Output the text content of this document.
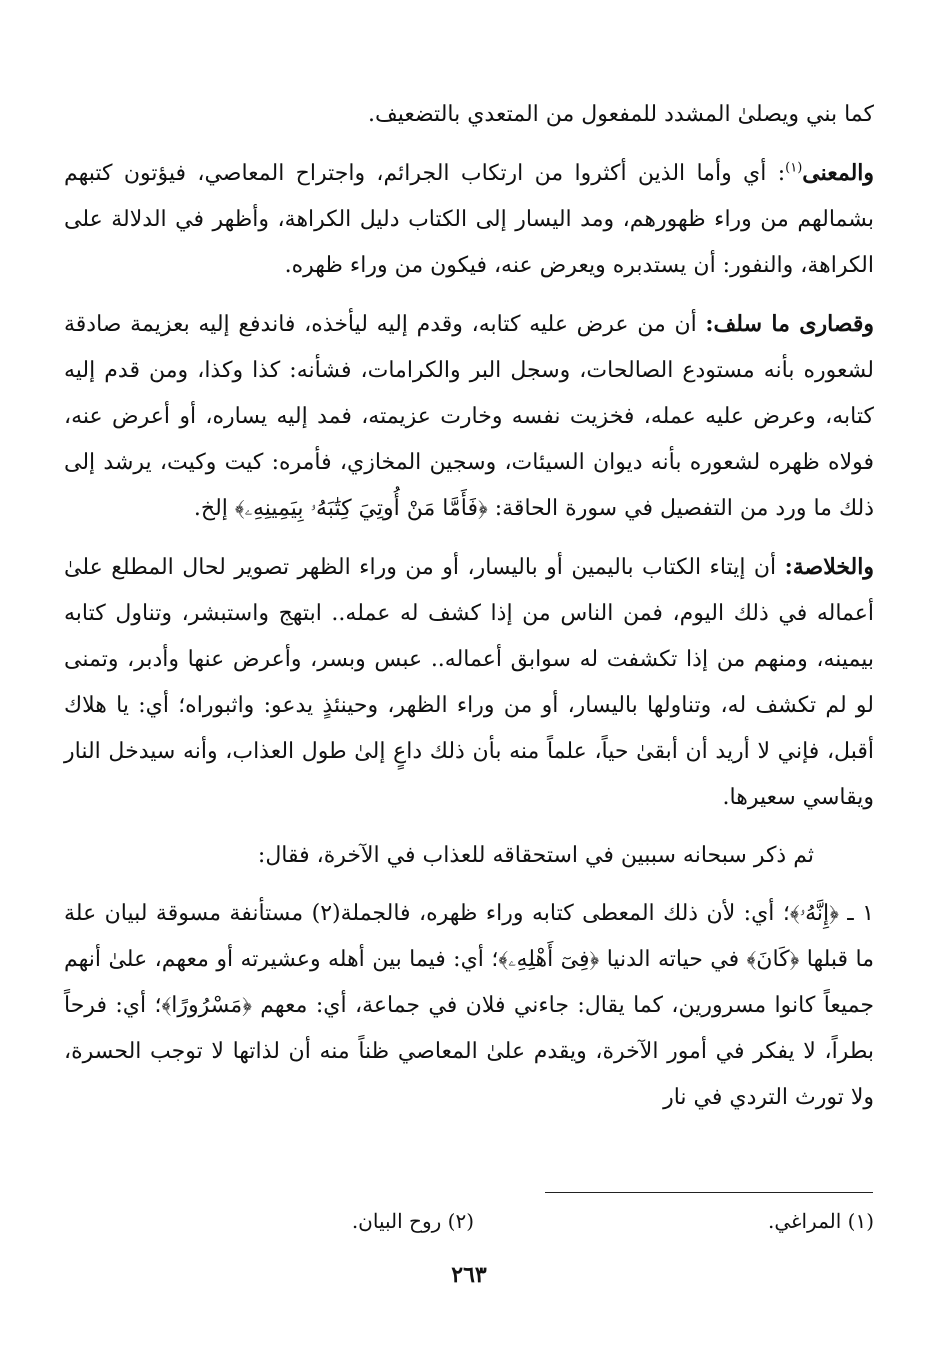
كما بني ويصلىٰ المشدد للمفعول من المتعدي بالتضعيف.

والمعنى$^{(١)}$: أي وأما الذين أكثروا من ارتكاب الجرائم، واجتراح المعاصي، فيؤتون كتبهم بشمالهم من وراء ظهورهم، ومد اليسار إلى الكتاب دليل الكراهة، وأظهر في الدلالة على الكراهة، والنفور: أن يستدبره ويعرض عنه، فيكون من وراء ظهره.

وقصارى ما سلف: أن من عرض عليه كتابه، وقدم إليه ليأخذه، فاندفع إليه بعزيمة صادقة لشعوره بأنه مستودع الصالحات، وسجل البر والكرامات، فشأنه: كذا وكذا، ومن قدم إليه كتابه، وعرض عليه عمله، فخزيت نفسه وخارت عزيمته، فمد إليه يساره، أو أعرض عنه، فولاه ظهره لشعوره بأنه ديوان السيئات، وسجين المخازي، فأمره: كيت وكيت، يرشد إلى ذلك ما ورد من التفصيل في سورة الحاقة: ﴿فَأَمَّا مَنْ أُوتِيَ كِتَٰبَهُۥ بِيَمِينِهِۦ﴾ إلخ.

والخلاصة: أن إيتاء الكتاب باليمين أو باليسار، أو من وراء الظهر تصوير لحال المطلع علىٰ أعماله في ذلك اليوم، فمن الناس من إذا كشف له عمله.. ابتهج واستبشر، وتناول كتابه بيمينه، ومنهم من إذا تكشفت له سوابق أعماله.. عبس وبسر، وأعرض عنها وأدبر، وتمنى لو لم تكشف له، وتناولها باليسار، أو من وراء الظهر، وحينئذٍ يدعو: واثبوراه؛ أي: يا هلاك أقبل، فإني لا أريد أن أبقىٰ حياً، علماً منه بأن ذلك داعٍ إلىٰ طول العذاب، وأنه سيدخل النار ويقاسي سعيرها.

ثم ذكر سبحانه سببين في استحقاقه للعذاب في الآخرة، فقال:

١ ـ ﴿إِنَّهُۥ﴾؛ أي: لأن ذلك المعطى كتابه وراء ظهره، فالجملة(٢) مستأنفة مسوقة لبيان علة ما قبلها ﴿كَانَ﴾ في حياته الدنيا ﴿فِىٓ أَهْلِهِۦ﴾؛ أي: فيما بين أهله وعشيرته أو معهم، علىٰ أنهم جميعاً كانوا مسرورين، كما يقال: جاءني فلان في جماعة، أي: معهم ﴿مَسْرُورًا﴾؛ أي: فرحاً بطراً، لا يفكر في أمور الآخرة، ويقدم علىٰ المعاصي ظناً منه أن لذاتها لا توجب الحسرة، ولا تورث التردي في نار

(١) المراغي.
(٢) روح البيان.
٢٦٣
